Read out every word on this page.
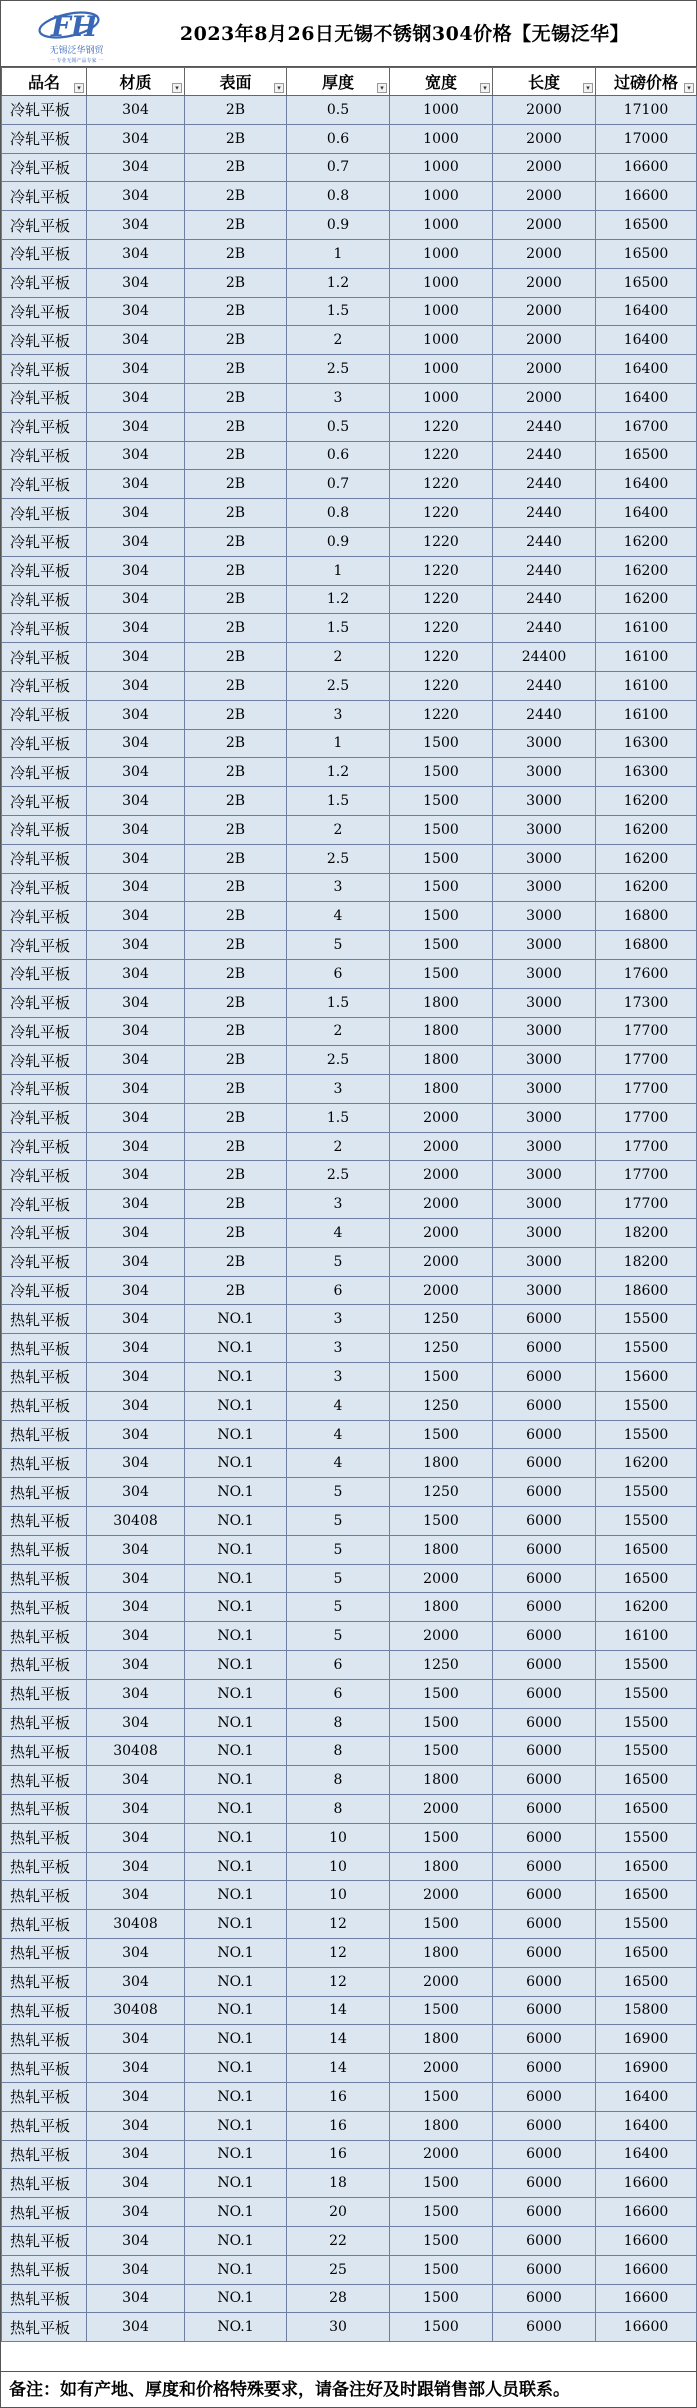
FH
无锡泛华钢贸
一 专业无锡产品专家 一
2023年8月26日无锡不锈钢304价格【无锡泛华】
品名 ▾	材质 ▾	表面 ▾	厚度 ▾	宽度 ▾	长度 ▾	过磅价格 ▾

冷轧平板	304	2B	0.5	1000	2000	17100
冷轧平板	304	2B	0.6	1000	2000	17000
冷轧平板	304	2B	0.7	1000	2000	16600
冷轧平板	304	2B	0.8	1000	2000	16600
冷轧平板	304	2B	0.9	1000	2000	16500
冷轧平板	304	2B	1	1000	2000	16500
冷轧平板	304	2B	1.2	1000	2000	16500
冷轧平板	304	2B	1.5	1000	2000	16400
冷轧平板	304	2B	2	1000	2000	16400
冷轧平板	304	2B	2.5	1000	2000	16400
冷轧平板	304	2B	3	1000	2000	16400
冷轧平板	304	2B	0.5	1220	2440	16700
冷轧平板	304	2B	0.6	1220	2440	16500
冷轧平板	304	2B	0.7	1220	2440	16400
冷轧平板	304	2B	0.8	1220	2440	16400
冷轧平板	304	2B	0.9	1220	2440	16200
冷轧平板	304	2B	1	1220	2440	16200
冷轧平板	304	2B	1.2	1220	2440	16200
冷轧平板	304	2B	1.5	1220	2440	16100
冷轧平板	304	2B	2	1220	24400	16100
冷轧平板	304	2B	2.5	1220	2440	16100
冷轧平板	304	2B	3	1220	2440	16100
冷轧平板	304	2B	1	1500	3000	16300
冷轧平板	304	2B	1.2	1500	3000	16300
冷轧平板	304	2B	1.5	1500	3000	16200
冷轧平板	304	2B	2	1500	3000	16200
冷轧平板	304	2B	2.5	1500	3000	16200
冷轧平板	304	2B	3	1500	3000	16200
冷轧平板	304	2B	4	1500	3000	16800
冷轧平板	304	2B	5	1500	3000	16800
冷轧平板	304	2B	6	1500	3000	17600
冷轧平板	304	2B	1.5	1800	3000	17300
冷轧平板	304	2B	2	1800	3000	17700
冷轧平板	304	2B	2.5	1800	3000	17700
冷轧平板	304	2B	3	1800	3000	17700
冷轧平板	304	2B	1.5	2000	3000	17700
冷轧平板	304	2B	2	2000	3000	17700
冷轧平板	304	2B	2.5	2000	3000	17700
冷轧平板	304	2B	3	2000	3000	17700
冷轧平板	304	2B	4	2000	3000	18200
冷轧平板	304	2B	5	2000	3000	18200
冷轧平板	304	2B	6	2000	3000	18600
热轧平板	304	NO.1	3	1250	6000	15500
热轧平板	304	NO.1	3	1250	6000	15500
热轧平板	304	NO.1	3	1500	6000	15600
热轧平板	304	NO.1	4	1250	6000	15500
热轧平板	304	NO.1	4	1500	6000	15500
热轧平板	304	NO.1	4	1800	6000	16200
热轧平板	304	NO.1	5	1250	6000	15500
热轧平板	30408	NO.1	5	1500	6000	15500
热轧平板	304	NO.1	5	1800	6000	16500
热轧平板	304	NO.1	5	2000	6000	16500
热轧平板	304	NO.1	5	1800	6000	16200
热轧平板	304	NO.1	5	2000	6000	16100
热轧平板	304	NO.1	6	1250	6000	15500
热轧平板	304	NO.1	6	1500	6000	15500
热轧平板	304	NO.1	8	1500	6000	15500
热轧平板	30408	NO.1	8	1500	6000	15500
热轧平板	304	NO.1	8	1800	6000	16500
热轧平板	304	NO.1	8	2000	6000	16500
热轧平板	304	NO.1	10	1500	6000	15500
热轧平板	304	NO.1	10	1800	6000	16500
热轧平板	304	NO.1	10	2000	6000	16500
热轧平板	30408	NO.1	12	1500	6000	15500
热轧平板	304	NO.1	12	1800	6000	16500
热轧平板	304	NO.1	12	2000	6000	16500
热轧平板	30408	NO.1	14	1500	6000	15800
热轧平板	304	NO.1	14	1800	6000	16900
热轧平板	304	NO.1	14	2000	6000	16900
热轧平板	304	NO.1	16	1500	6000	16400
热轧平板	304	NO.1	16	1800	6000	16400
热轧平板	304	NO.1	16	2000	6000	16400
热轧平板	304	NO.1	18	1500	6000	16600
热轧平板	304	NO.1	20	1500	6000	16600
热轧平板	304	NO.1	22	1500	6000	16600
热轧平板	304	NO.1	25	1500	6000	16600
热轧平板	304	NO.1	28	1500	6000	16600
热轧平板	304	NO.1	30	1500	6000	16600
备注：如有产地、厚度和价格特殊要求，请备注好及时跟销售部人员联系。
